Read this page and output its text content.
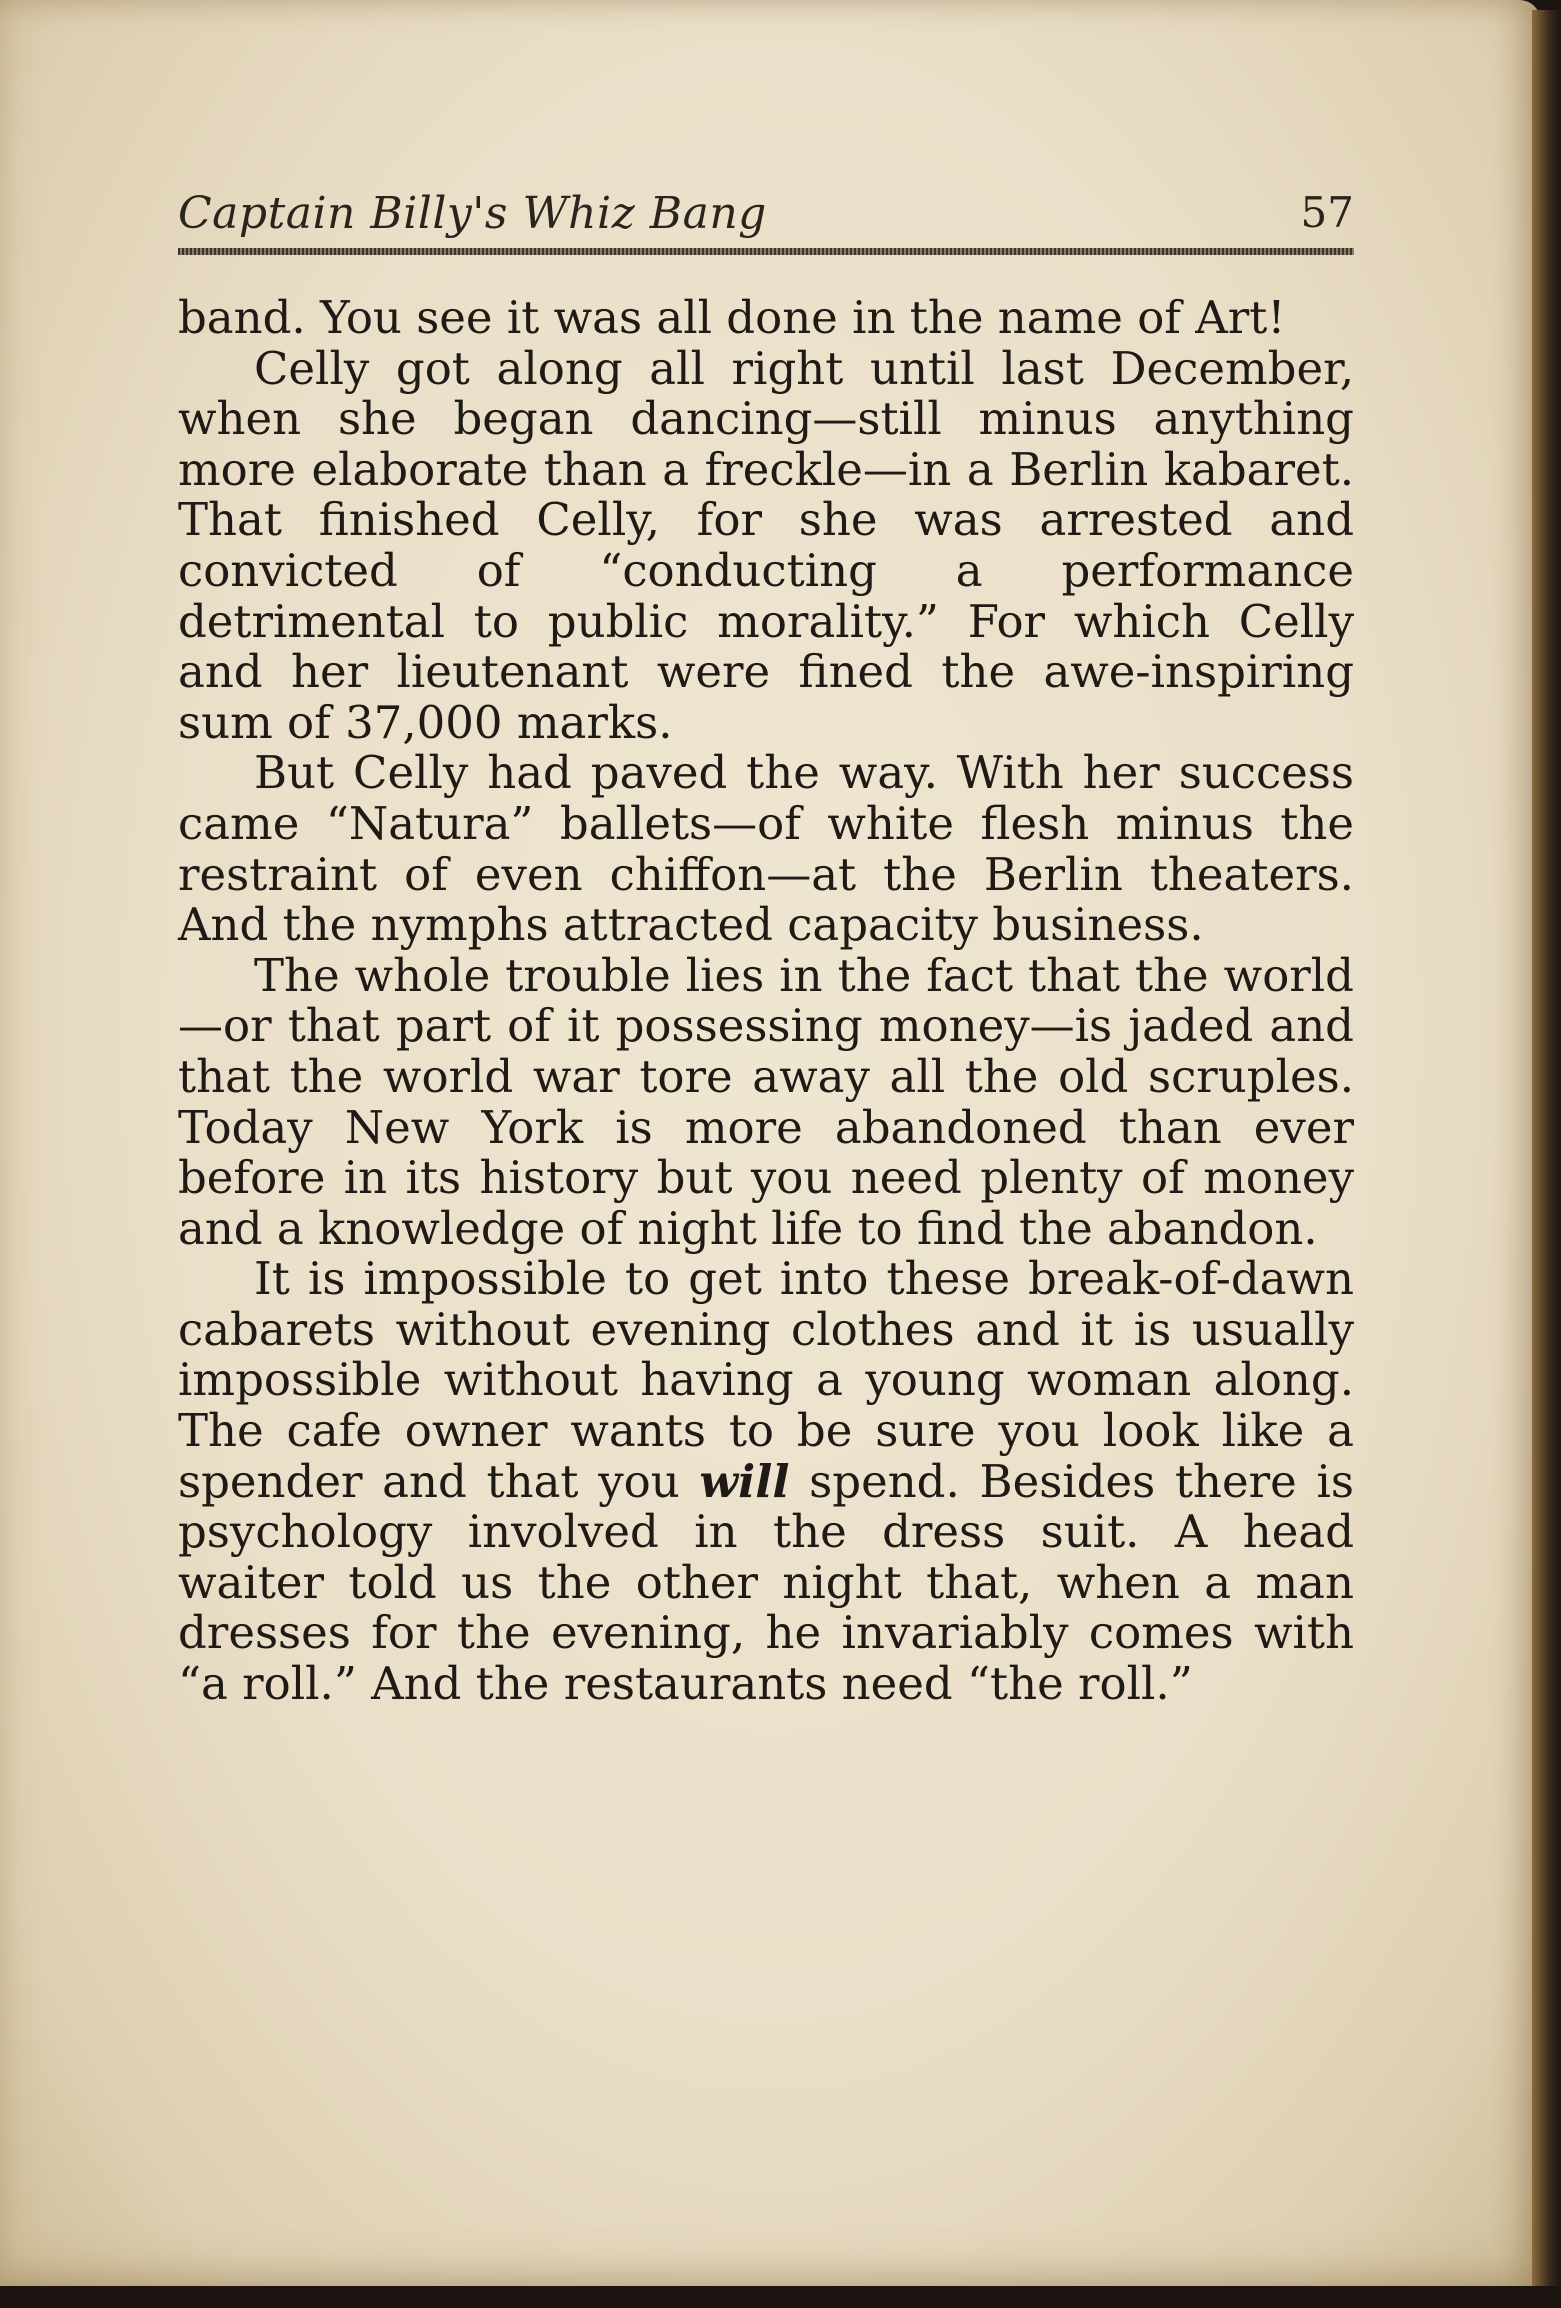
Captain Billy's Whiz Bang	57

band. You see it was all done in the name of Art!

Celly got along all right until last December, when she began dancing—still minus anything more elaborate than a freckle—in a Berlin kabaret. That finished Celly, for she was arrested and convicted of “conducting a performance detrimental to public morality.” For which Celly and her lieutenant were fined the awe-inspiring sum of 37,000 marks.

But Celly had paved the way. With her success came “Natura” ballets—of white flesh minus the restraint of even chiffon—at the Berlin theaters. And the nymphs attracted capacity business.

The whole trouble lies in the fact that the world—or that part of it possessing money—is jaded and that the world war tore away all the old scruples. Today New York is more abandoned than ever before in its history but you need plenty of money and a knowledge of night life to find the abandon.

It is impossible to get into these break-of-dawn cabarets without evening clothes and it is usually impossible without having a young woman along. The cafe owner wants to be sure you look like a spender and that you will spend. Besides there is psychology involved in the dress suit. A head waiter told us the other night that, when a man dresses for the evening, he invariably comes with “a roll.” And the restaurants need “the roll.”
